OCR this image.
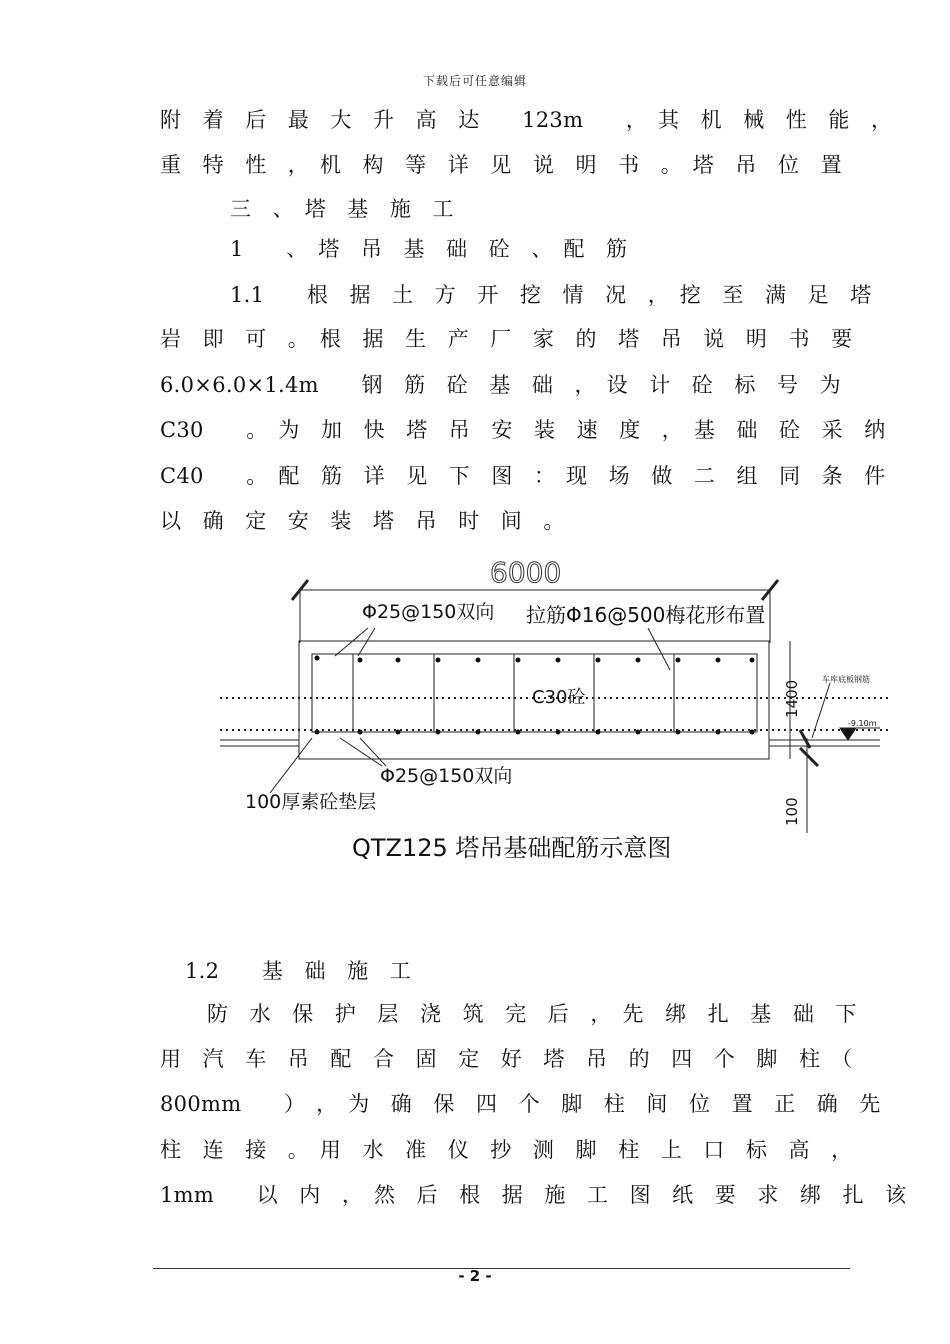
下载后可任意编辑
附　着　后　最　大　升　高　达　　123m　　，　其　机　械　性　能　，
重　特　性　，　机　构　等　详　见　说　明　书　。　塔　吊　位　置
三　、　塔　基　施　工
1　　、　塔　吊　基　础　砼　、　配　筋
1.1　　根　据　土　方　开　挖　情　况　，　挖　至　满　足　塔
岩　即　可　。　根　据　生　产　厂　家　的　塔　吊　说　明　书　要
6.0×6.0×1.4m　　钢　筋　砼　基　础　，　设　计　砼　标　号　为
C30　　。　为　加　快　塔　吊　安　装　速　度　，　基　础　砼　采　纳
C40　　。　配　筋　详　见　下　图　：　现　场　做　二　组　同　条　件
以　确　定　安　装　塔　吊　时　间　。
6000
Φ25@150双向 拉筋Φ16@500梅花形布置
C30砼	1400
车库底板钢筋
-9.10m
Φ25@150双向
100厚素砼垫层	100
QTZ125 塔吊基础配筋示意图
1.2　　基　础　施　工
防　水　保　护　层　浇　筑　完　后　，　先　绑　扎　基　础　下
用　汽　车　吊　配　合　固　定　好　塔　吊　的　四　个　脚　柱　（
800mm　　）　，　为　确　保　四　个　脚　柱　间　位　置　正　确　先
柱　连　接　。　用　水　准　仪　抄　测　脚　柱　上　口　标　高　，
1mm　　以　内　，　然　后　根　据　施　工　图　纸　要　求　绑　扎　该
- 2 -
